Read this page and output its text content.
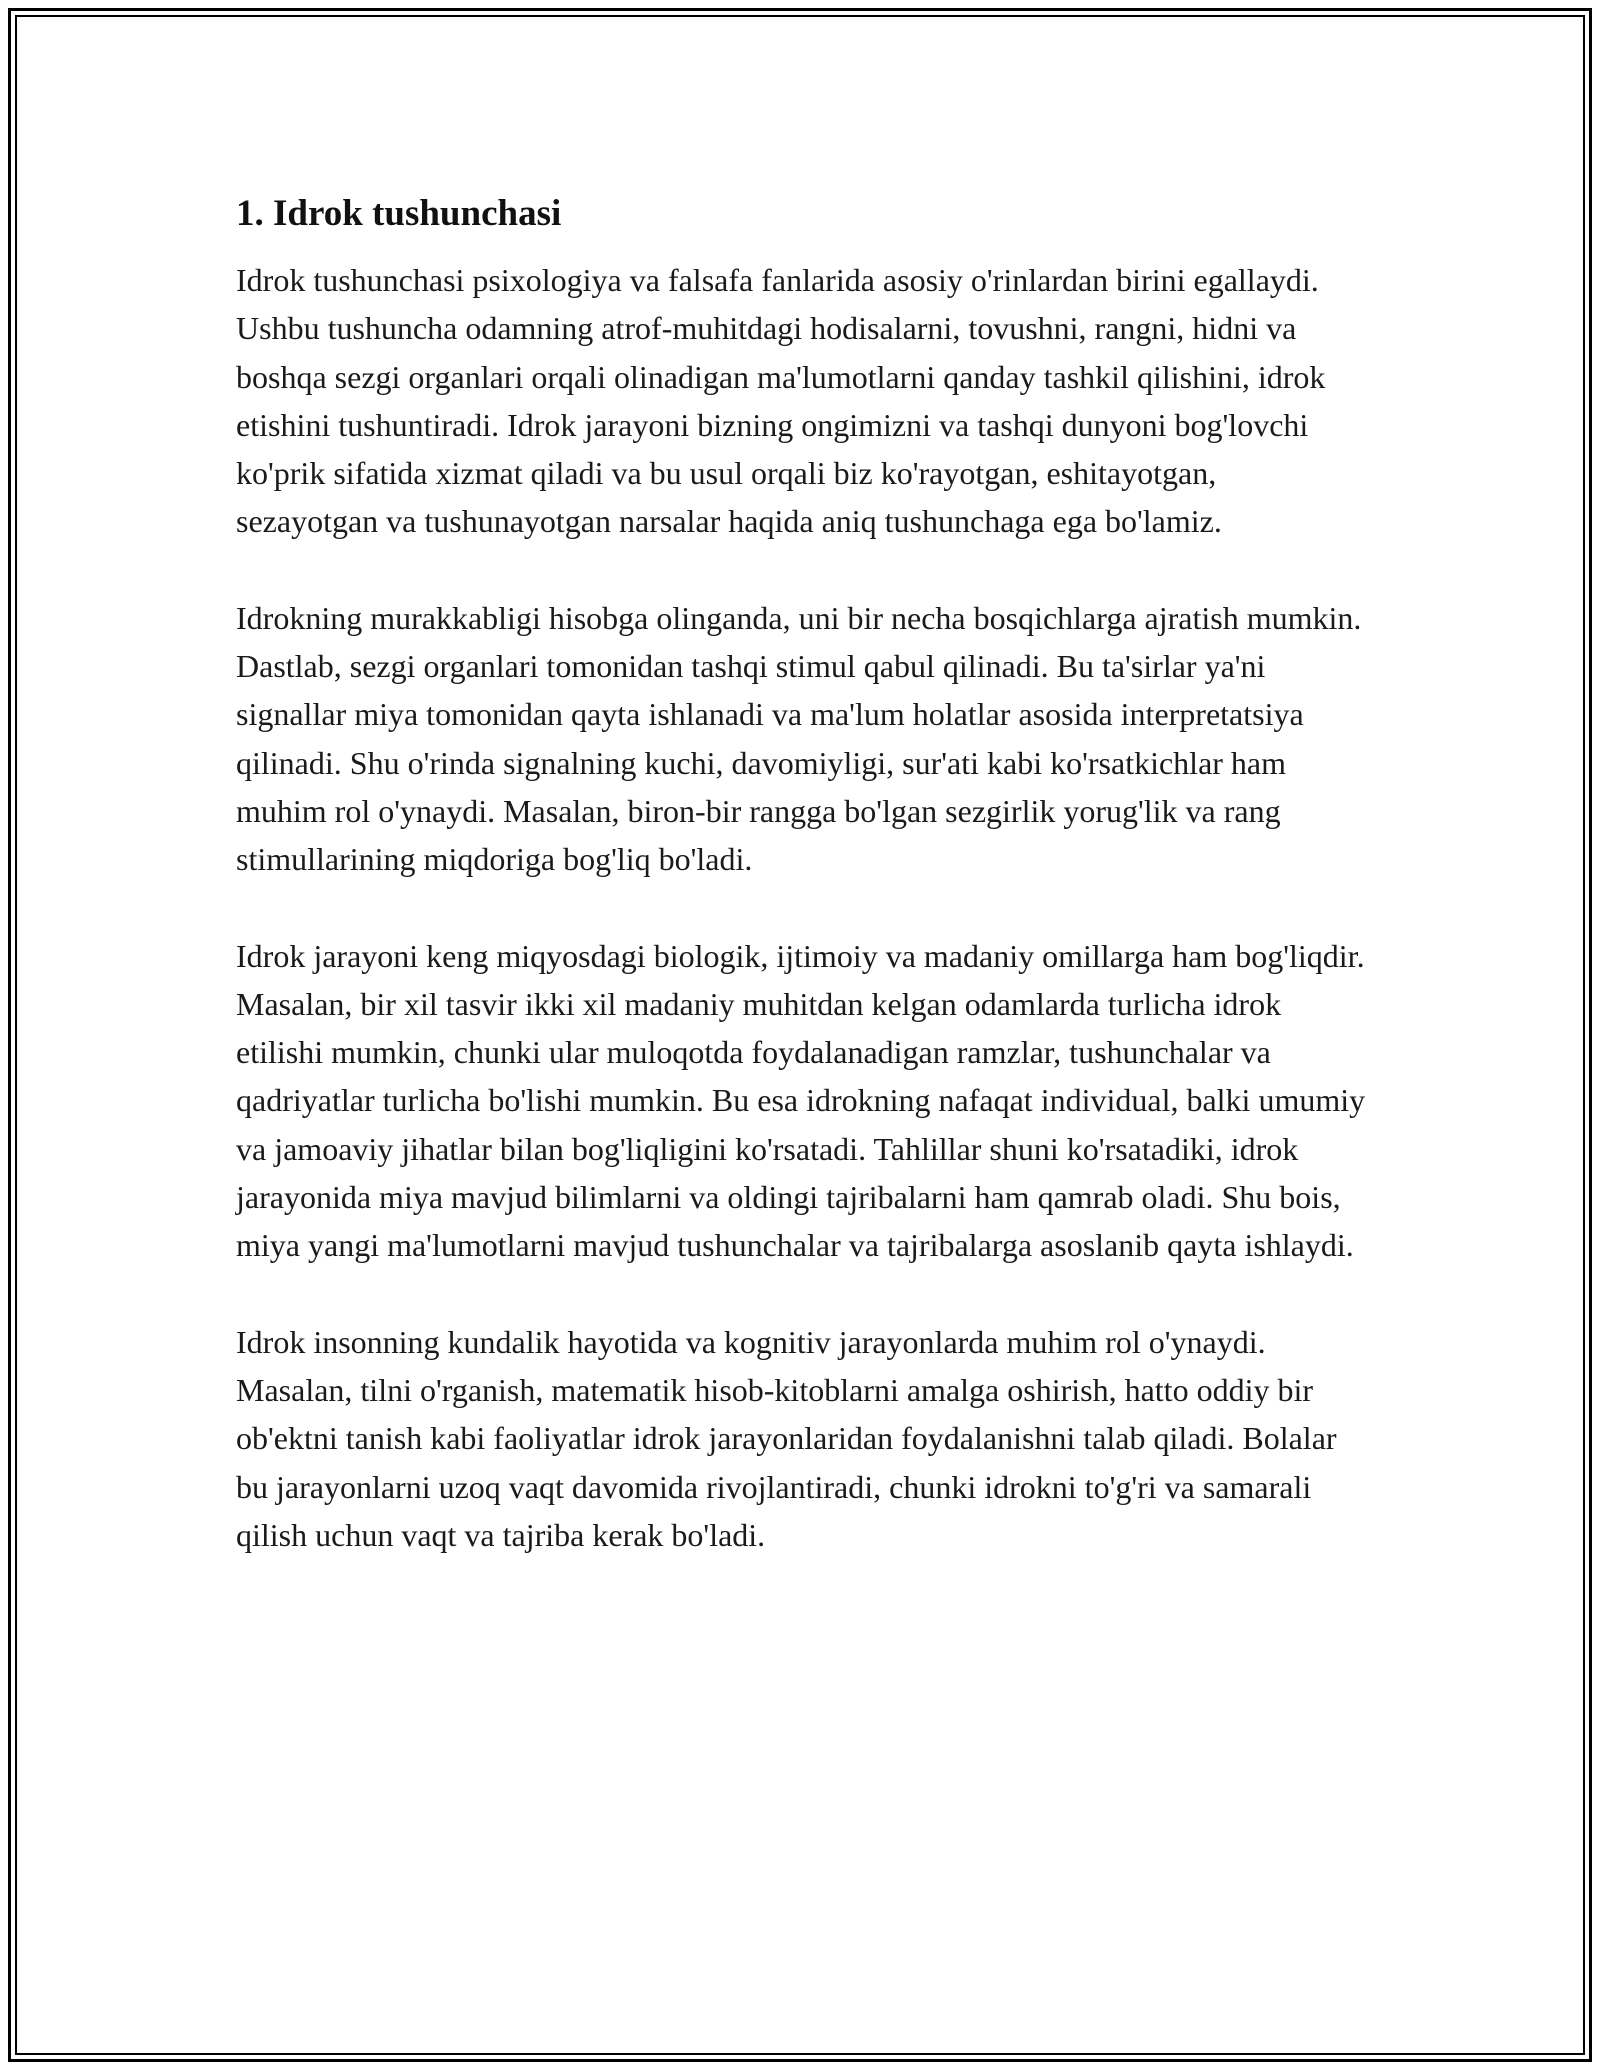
1. Idrok tushunchasi

Idrok tushunchasi psixologiya va falsafa fanlarida asosiy o'rinlardan birini egallaydi. Ushbu tushuncha odamning atrof-muhitdagi hodisalarni, tovushni, rangni, hidni va boshqa sezgi organlari orqali olinadigan ma'lumotlarni qanday tashkil qilishini, idrok etishini tushuntiradi. Idrok jarayoni bizning ongimizni va tashqi dunyoni bog'lovchi ko'prik sifatida xizmat qiladi va bu usul orqali biz ko'rayotgan, eshitayotgan, sezayotgan va tushunayotgan narsalar haqida aniq tushunchaga ega bo'lamiz.

Idrokning murakkabligi hisobga olinganda, uni bir necha bosqichlarga ajratish mumkin. Dastlab, sezgi organlari tomonidan tashqi stimul qabul qilinadi. Bu ta'sirlar ya'ni signallar miya tomonidan qayta ishlanadi va ma'lum holatlar asosida interpretatsiya qilinadi. Shu o'rinda signalning kuchi, davomiyligi, sur'ati kabi ko'rsatkichlar ham muhim rol o'ynaydi. Masalan, biron-bir rangga bo'lgan sezgirlik yorug'lik va rang stimullarining miqdoriga bog'liq bo'ladi.

Idrok jarayoni keng miqyosdagi biologik, ijtimoiy va madaniy omillarga ham bog'liqdir. Masalan, bir xil tasvir ikki xil madaniy muhitdan kelgan odamlarda turlicha idrok etilishi mumkin, chunki ular muloqotda foydalanadigan ramzlar, tushunchalar va qadriyatlar turlicha bo'lishi mumkin. Bu esa idrokning nafaqat individual, balki umumiy va jamoaviy jihatlar bilan bog'liqligini ko'rsatadi. Tahlillar shuni ko'rsatadiki, idrok jarayonida miya mavjud bilimlarni va oldingi tajribalarni ham qamrab oladi. Shu bois, miya yangi ma'lumotlarni mavjud tushunchalar va tajribalarga asoslanib qayta ishlaydi.

Idrok insonning kundalik hayotida va kognitiv jarayonlarda muhim rol o'ynaydi. Masalan, tilni o'rganish, matematik hisob-kitoblarni amalga oshirish, hatto oddiy bir ob'ektni tanish kabi faoliyatlar idrok jarayonlaridan foydalanishni talab qiladi. Bolalar bu jarayonlarni uzoq vaqt davomida rivojlantiradi, chunki idrokni to'g'ri va samarali qilish uchun vaqt va tajriba kerak bo'ladi.
